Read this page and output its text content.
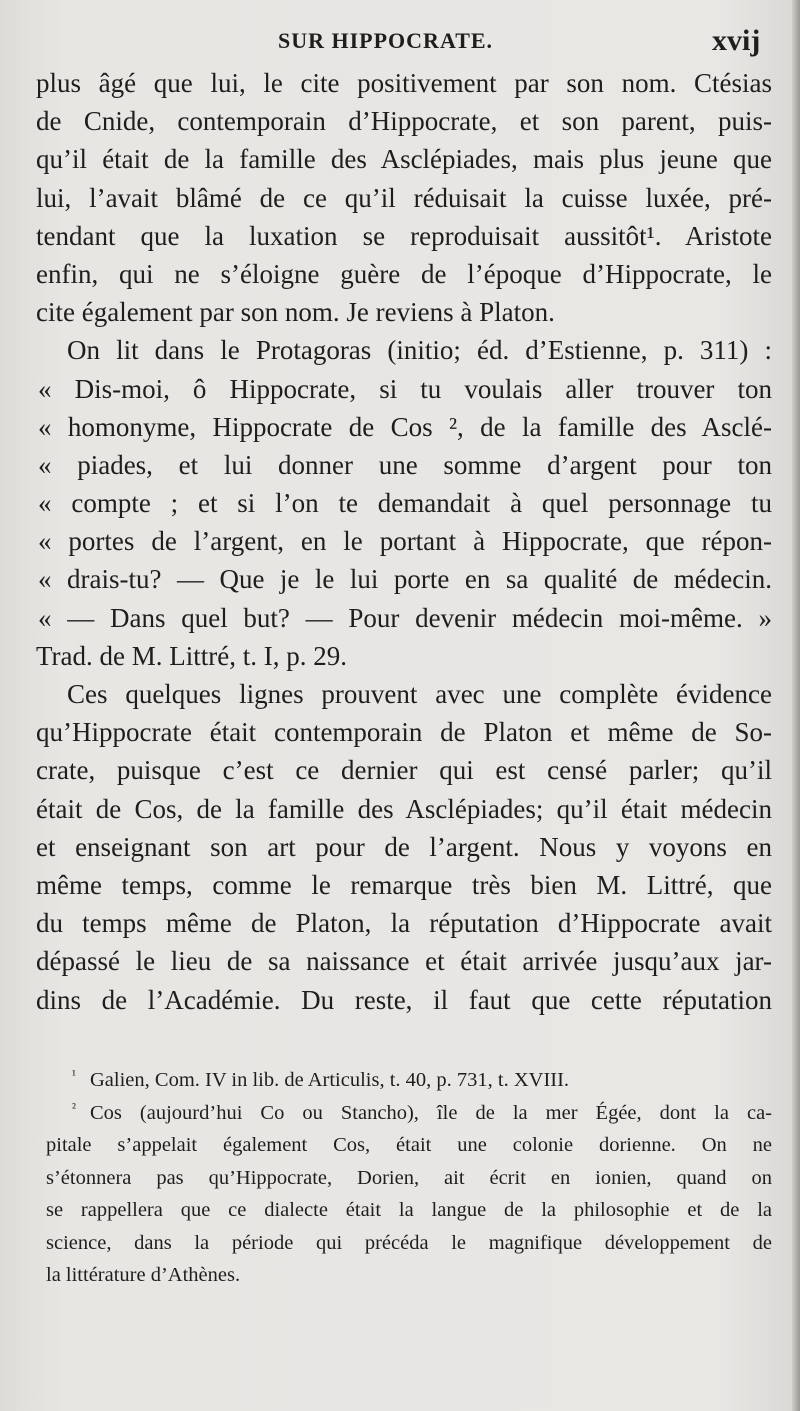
SUR HIPPOCRATE.	xvij
plus âgé que lui, le cite positivement par son nom. Ctésias
de Cnide, contemporain d’Hippocrate, et son parent, puis-
qu’il était de la famille des Asclépiades, mais plus jeune que
lui, l’avait blâmé de ce qu’il réduisait la cuisse luxée, pré-
tendant que la luxation se reproduisait aussitôt¹. Aristote
enfin, qui ne s’éloigne guère de l’époque d’Hippocrate, le
cite également par son nom. Je reviens à Platon.
On lit dans le Protagoras (initio; éd. d’Estienne, p. 311) :
« Dis-moi, ô Hippocrate, si tu voulais aller trouver ton
« homonyme, Hippocrate de Cos ², de la famille des Asclé-
« piades, et lui donner une somme d’argent pour ton
« compte ; et si l’on te demandait à quel personnage tu
« portes de l’argent, en le portant à Hippocrate, que répon-
« drais-tu? — Que je le lui porte en sa qualité de médecin.
« — Dans quel but? — Pour devenir médecin moi-même. »
Trad. de M. Littré, t. I, p. 29.
Ces quelques lignes prouvent avec une complète évidence
qu’Hippocrate était contemporain de Platon et même de So-
crate, puisque c’est ce dernier qui est censé parler; qu’il
était de Cos, de la famille des Asclépiades; qu’il était médecin
et enseignant son art pour de l’argent. Nous y voyons en
même temps, comme le remarque très bien M. Littré, que
du temps même de Platon, la réputation d’Hippocrate avait
dépassé le lieu de sa naissance et était arrivée jusqu’aux jar-
dins de l’Académie. Du reste, il faut que cette réputation
¹ Galien, Com. IV in lib. de Articulis, t. 40, p. 731, t. XVIII.
² Cos (aujourd’hui Co ou Stancho), île de la mer Égée, dont la ca-
pitale s’appelait également Cos, était une colonie dorienne. On ne
s’étonnera pas qu’Hippocrate, Dorien, ait écrit en ionien, quand on
se rappellera que ce dialecte était la langue de la philosophie et de la
science, dans la période qui précéda le magnifique développement de
la littérature d’Athènes.
